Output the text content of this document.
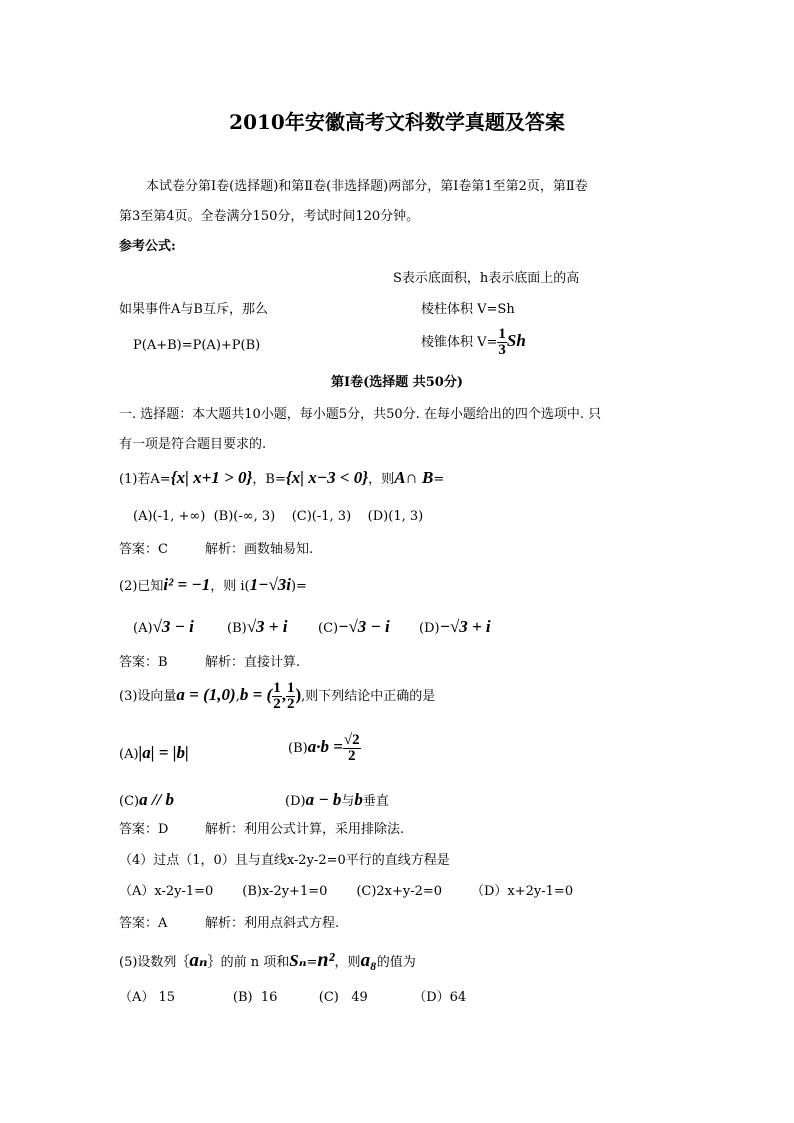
2010年安徽高考文科数学真题及答案
本试卷分第Ⅰ卷(选择题)和第Ⅱ卷(非选择题)两部分，第Ⅰ卷第1至第2页，第Ⅱ卷
第3至第4页。全卷满分150分，考试时间120分钟。
参考公式:
S表示底面积，h表示底面上的高
如果事件A与B互斥，那么	棱柱体积 V=Sh
P(A+B)=P(A)+P(B)	棱锥体积 $V= \frac{1}{3}$ Sh
第Ⅰ卷(选择题 共50分)
一. 选择题：本大题共10小题，每小题5分，共50分. 在每小题给出的四个选项中. 只
有一项是符合题目要求的.
(1)若A={x| x+1 > 0}，B={x| x−3 < 0}，则A∩ B=
(A)(-1, +∞)  (B)(-∞, 3)    (C)(-1, 3)    (D)(1, 3)
答案：C	解析：画数轴易知.
(2)已知i² = −1，则 i(1−√3i)=
(A)√3 − i	(B)√3 + i (C)−√3 − i (D)−√3 + i
答案：B	解析：直接计算.
(3)设向量a = (1,0),b = ( $\frac{1}{2}$ , $\frac{1}{2}$ ),则下列结论中正确的是
(A)|a| = |b|	$(B)a\cdot b = \frac{√2}{2}$
(C)a // b	(D)a − b与b垂直
答案：D	解析：利用公式计算，采用排除法.
（4）过点（1，0）且与直线x-2y-2=0平行的直线方程是
（A）x-2y-1=0       (B)x-2y+1=0       (C)2x+y-2=0       （D）x+2y-1=0
答案：A	解析：利用点斜式方程.
(5)设数列｛aₙ｝的前 n 项和Sₙ=n²，则a₈的值为
（A） 15              (B)  16          (C)   49           （D）64
